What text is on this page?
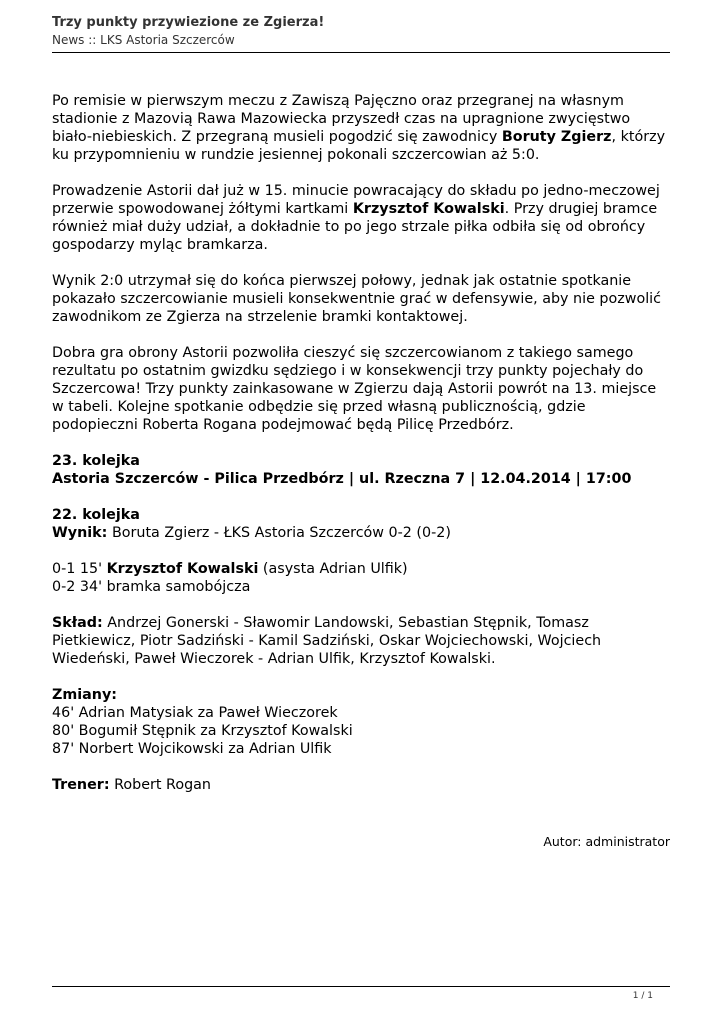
Trzy punkty przywiezione ze Zgierza!
News :: LKS Astoria Szczerców

Po remisie w pierwszym meczu z Zawiszą Pajęczno oraz przegranej na własnym stadionie z Mazovią Rawa Mazowiecka przyszedł czas na upragnione zwycięstwo biało-niebieskich. Z przegraną musieli pogodzić się zawodnicy Boruty Zgierz, którzy ku przypomnieniu w rundzie jesiennej pokonali szczercowian aż 5:0.

Prowadzenie Astorii dał już w 15. minucie powracający do składu po jedno-meczowej przerwie spowodowanej żółtymi kartkami Krzysztof Kowalski. Przy drugiej bramce również miał duży udział, a dokładnie to po jego strzale piłka odbiła się od obrońcy gospodarzy myląc bramkarza.

Wynik 2:0 utrzymał się do końca pierwszej połowy, jednak jak ostatnie spotkanie pokazało szczercowianie musieli konsekwentnie grać w defensywie, aby nie pozwolić zawodnikom ze Zgierza na strzelenie bramki kontaktowej.

Dobra gra obrony Astorii pozwoliła cieszyć się szczercowianom z takiego samego rezultatu po ostatnim gwizdku sędziego i w konsekwencji trzy punkty pojechały do Szczercowa! Trzy punkty zainkasowane w Zgierzu dają Astorii powrót na 13. miejsce w tabeli. Kolejne spotkanie odbędzie się przed własną publicznością, gdzie podopieczni Roberta Rogana podejmować będą Pilicę Przedbórz.

23. kolejka
Astoria Szczerców - Pilica Przedbórz | ul. Rzeczna 7 | 12.04.2014 | 17:00

22. kolejka
Wynik: Boruta Zgierz - ŁKS Astoria Szczerców 0-2 (0-2)

0-1 15' Krzysztof Kowalski (asysta Adrian Ulfik)
0-2 34' bramka samobójcza

Skład: Andrzej Gonerski - Sławomir Landowski, Sebastian Stępnik, Tomasz Pietkiewicz, Piotr Sadziński - Kamil Sadziński, Oskar Wojciechowski, Wojciech Wiedeński, Paweł Wieczorek - Adrian Ulfik, Krzysztof Kowalski.

Zmiany:
46' Adrian Matysiak za Paweł Wieczorek
80' Bogumił Stępnik za Krzysztof Kowalski
87' Norbert Wojcikowski za Adrian Ulfik

Trener: Robert Rogan

Autor: administrator
1 / 1
